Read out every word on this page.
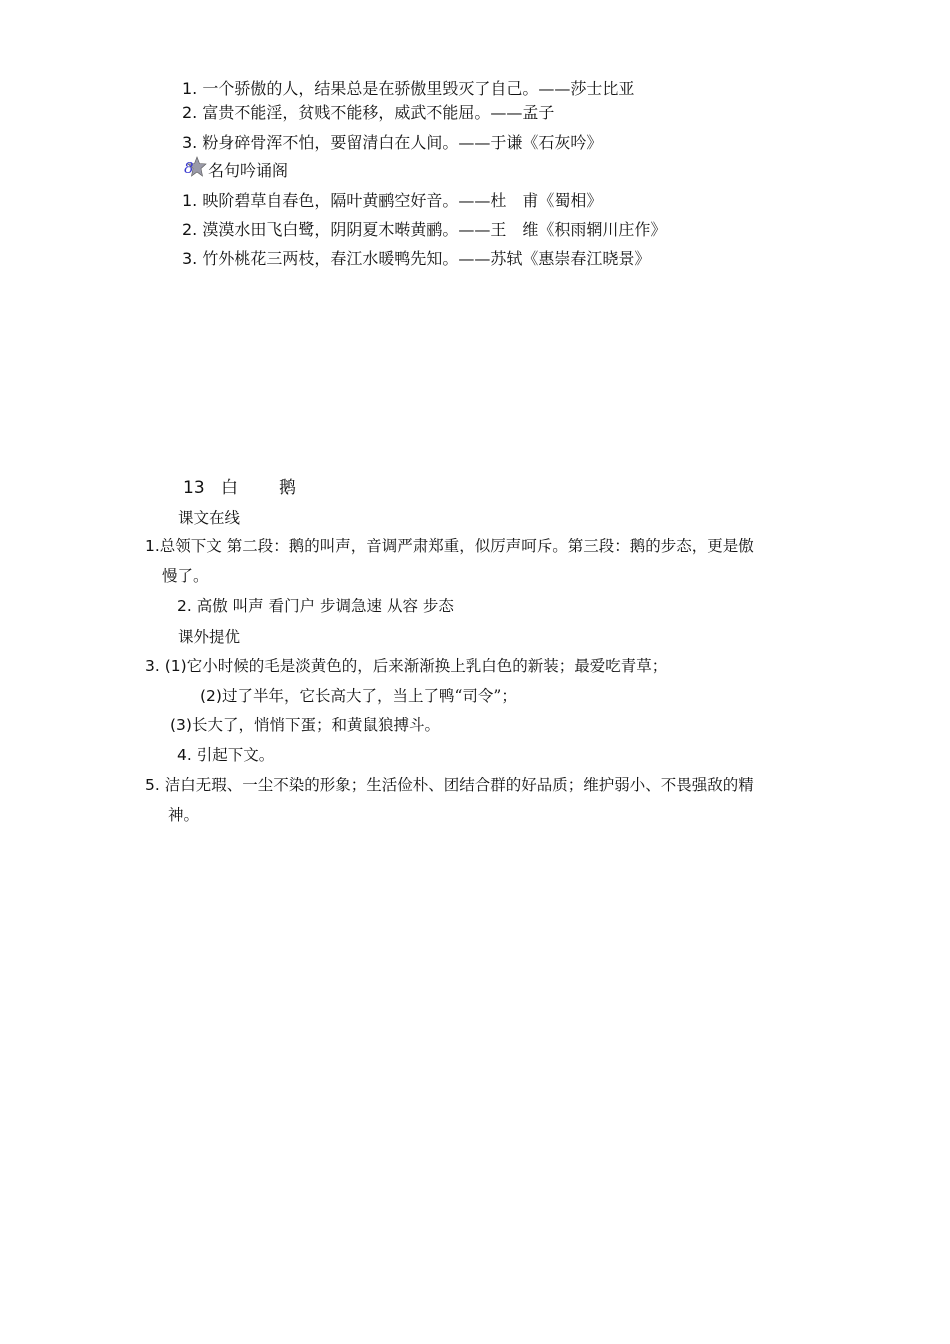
1. 一个骄傲的人，结果总是在骄傲里毁灭了自己。——莎士比亚
2. 富贵不能淫，贫贱不能移，威武不能屈。——孟子
3. 粉身碎骨浑不怕，要留清白在人间。——于谦《石灰吟》
8 名句吟诵阁
1. 映阶碧草自春色，隔叶黄鹂空好音。——杜　甫《蜀相》
2. 漠漠水田飞白鹭，阴阴夏木啭黄鹂。——王　维《积雨辋川庄作》
3. 竹外桃花三两枝，春江水暖鸭先知。——苏轼《惠崇春江晓景》
13 白 鹅
课文在线
1.总领下文 第二段：鹅的叫声，音调严肃郑重，似厉声呵斥。第三段：鹅的步态，更是傲
慢了。
2. 高傲 叫声 看门户 步调急速 从容 步态
课外提优
3. (1)它小时候的毛是淡黄色的，后来渐渐换上乳白色的新装；最爱吃青草；
(2)过了半年，它长高大了，当上了鸭“司令”；
(3)长大了，悄悄下蛋；和黄鼠狼搏斗。
4. 引起下文。
5. 洁白无瑕、一尘不染的形象；生活俭朴、团结合群的好品质；维护弱小、不畏强敌的精
神。
